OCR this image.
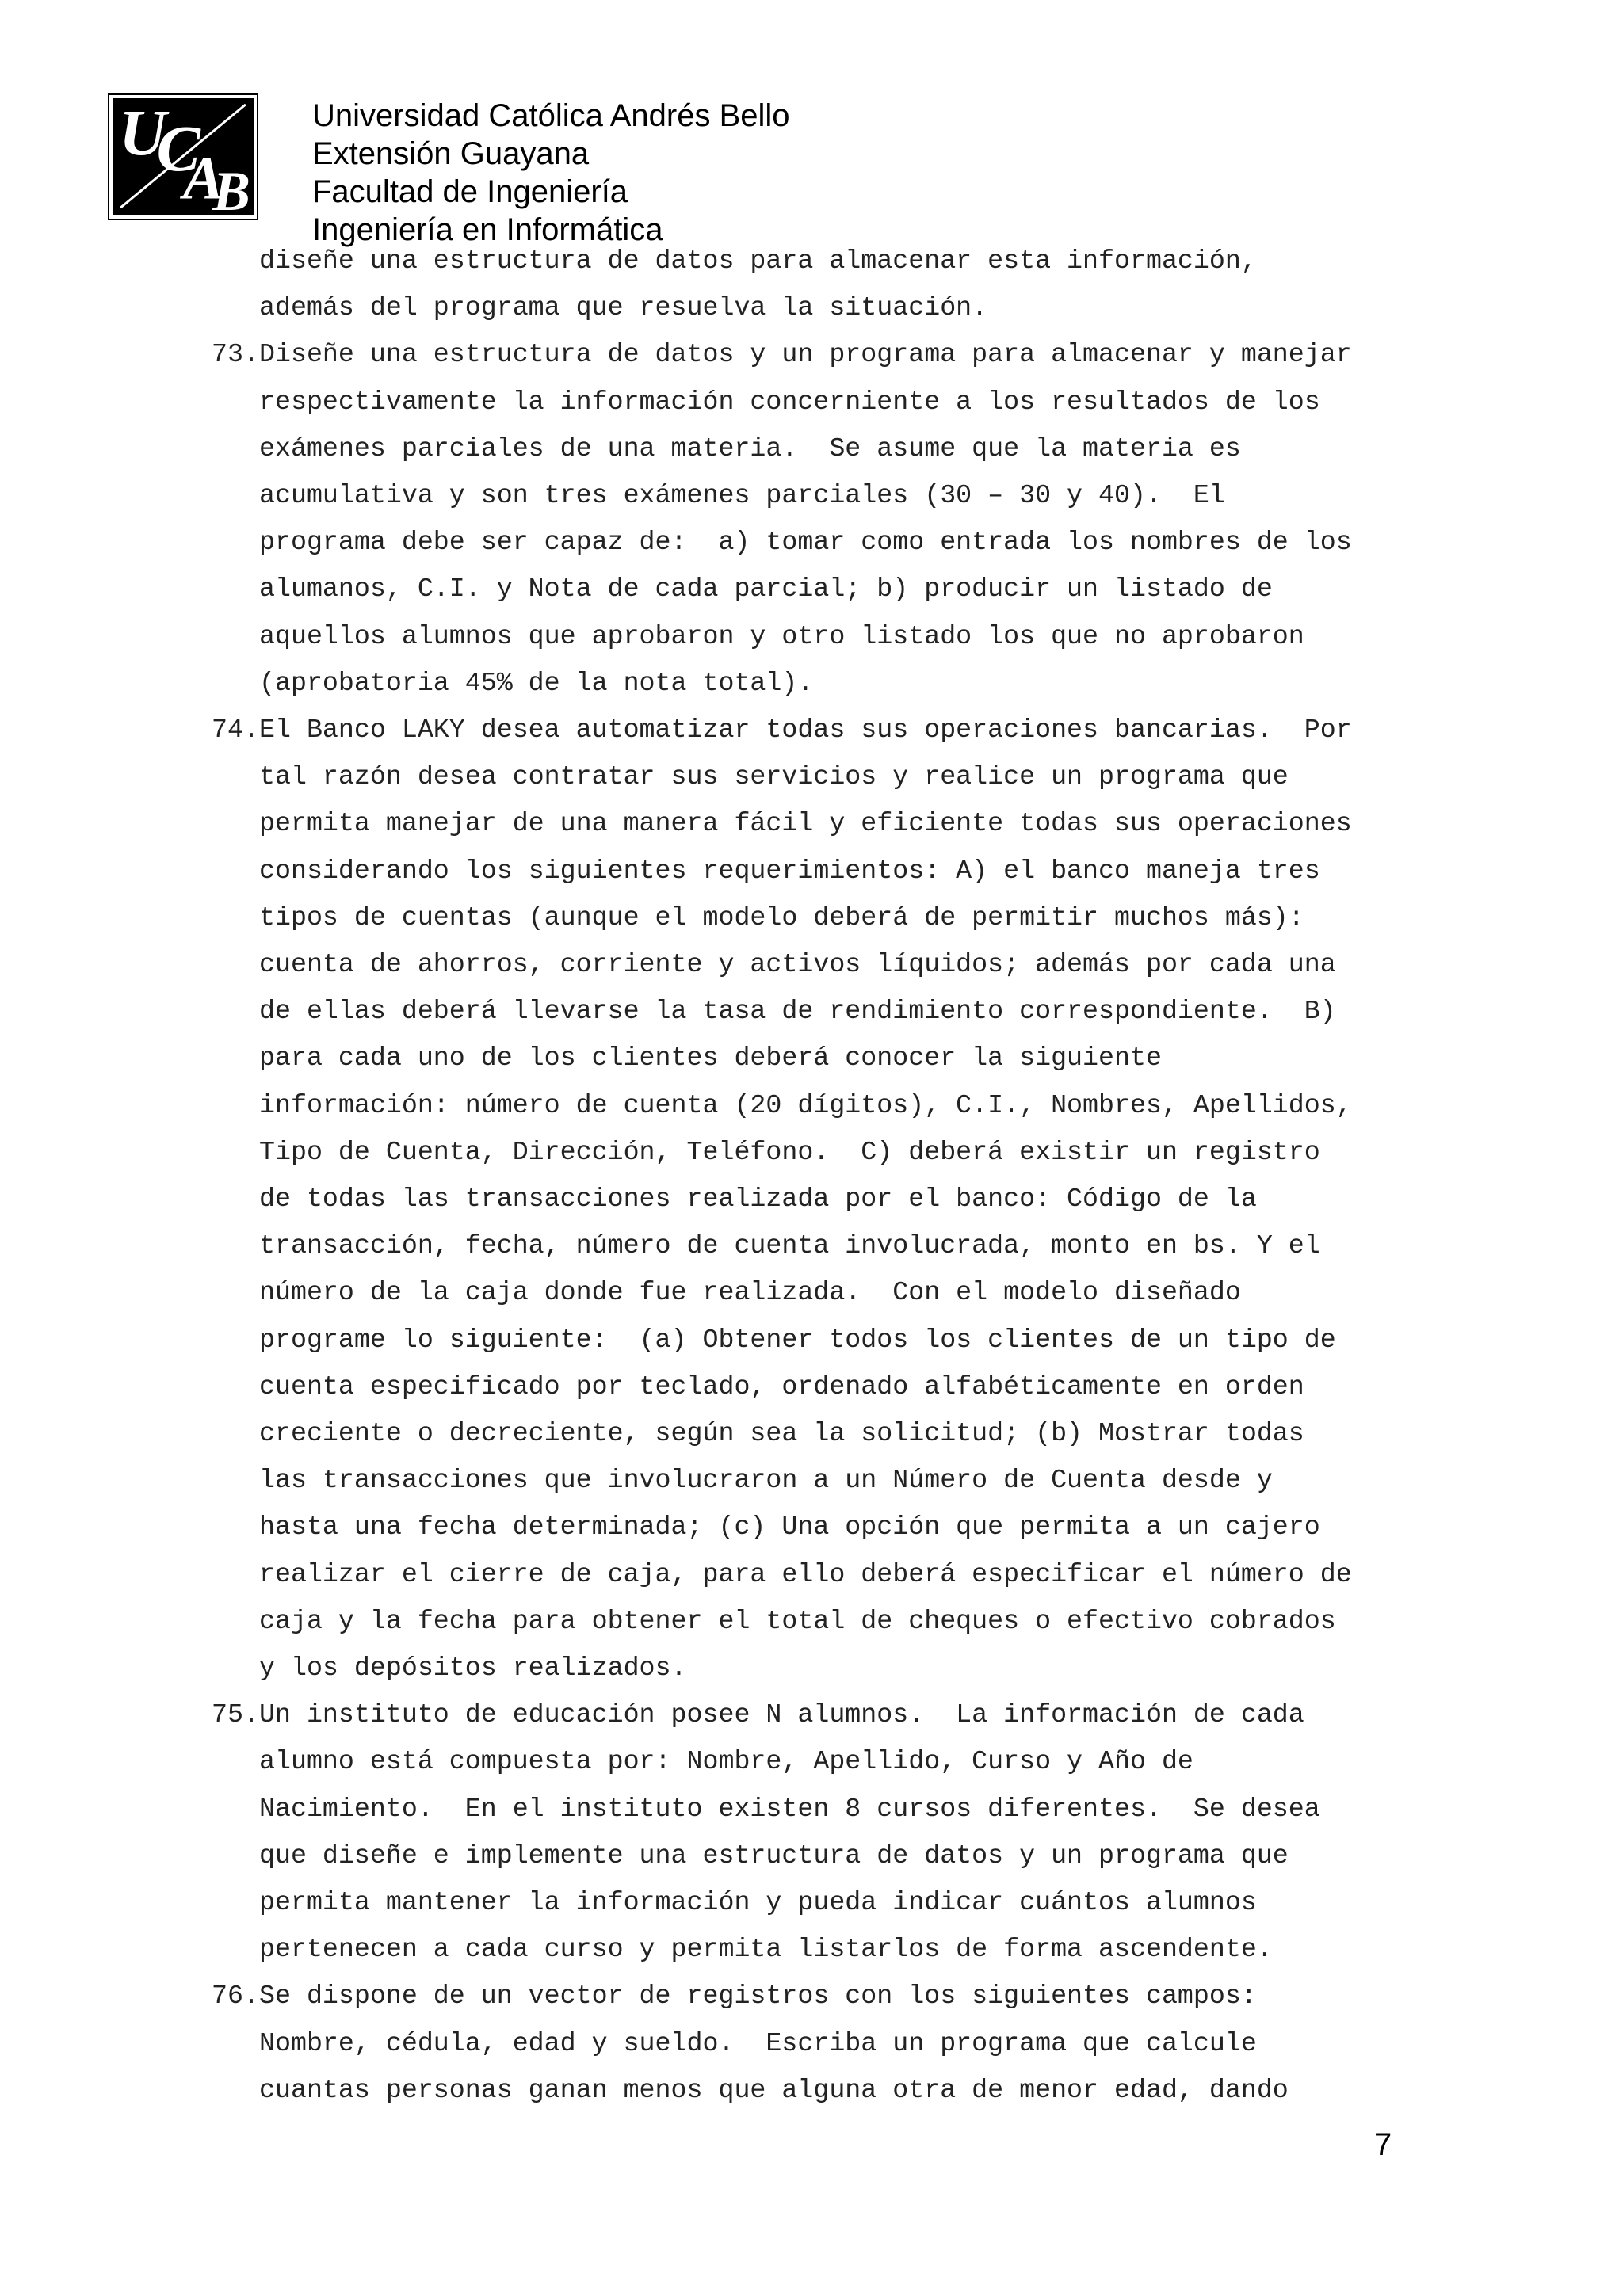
U
C
A
B
Universidad Católica Andrés Bello
Extensión Guayana
Facultad de Ingeniería
Ingeniería en Informática
diseñe una estructura de datos para almacenar esta información,
además del programa que resuelva la situación.
73. Diseñe una estructura de datos y un programa para almacenar y manejar
respectivamente la información concerniente a los resultados de los
exámenes parciales de una materia.  Se asume que la materia es
acumulativa y son tres exámenes parciales (30 – 30 y 40).  El
programa debe ser capaz de:  a) tomar como entrada los nombres de los
alumanos, C.I. y Nota de cada parcial; b) producir un listado de
aquellos alumnos que aprobaron y otro listado los que no aprobaron
(aprobatoria 45% de la nota total).
74. El Banco LAKY desea automatizar todas sus operaciones bancarias.  Por
tal razón desea contratar sus servicios y realice un programa que
permita manejar de una manera fácil y eficiente todas sus operaciones
considerando los siguientes requerimientos: A) el banco maneja tres
tipos de cuentas (aunque el modelo deberá de permitir muchos más):
cuenta de ahorros, corriente y activos líquidos; además por cada una
de ellas deberá llevarse la tasa de rendimiento correspondiente.  B)
para cada uno de los clientes deberá conocer la siguiente
información: número de cuenta (20 dígitos), C.I., Nombres, Apellidos,
Tipo de Cuenta, Dirección, Teléfono.  C) deberá existir un registro
de todas las transacciones realizada por el banco: Código de la
transacción, fecha, número de cuenta involucrada, monto en bs. Y el
número de la caja donde fue realizada.  Con el modelo diseñado
programe lo siguiente:  (a) Obtener todos los clientes de un tipo de
cuenta especificado por teclado, ordenado alfabéticamente en orden
creciente o decreciente, según sea la solicitud; (b) Mostrar todas
las transacciones que involucraron a un Número de Cuenta desde y
hasta una fecha determinada; (c) Una opción que permita a un cajero
realizar el cierre de caja, para ello deberá especificar el número de
caja y la fecha para obtener el total de cheques o efectivo cobrados
y los depósitos realizados.
75. Un instituto de educación posee N alumnos.  La información de cada
alumno está compuesta por: Nombre, Apellido, Curso y Año de
Nacimiento.  En el instituto existen 8 cursos diferentes.  Se desea
que diseñe e implemente una estructura de datos y un programa que
permita mantener la información y pueda indicar cuántos alumnos
pertenecen a cada curso y permita listarlos de forma ascendente.
76. Se dispone de un vector de registros con los siguientes campos:
Nombre, cédula, edad y sueldo.  Escriba un programa que calcule
cuantas personas ganan menos que alguna otra de menor edad, dando
7
